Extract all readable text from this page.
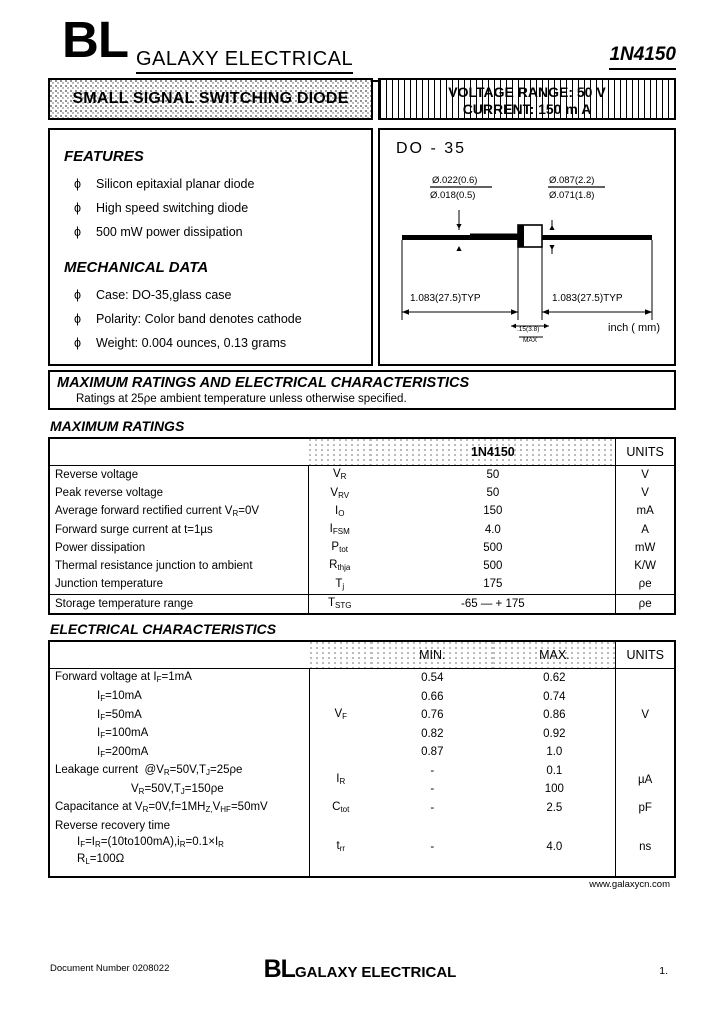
BL GALAXY ELECTRICAL	1N4150
SMALL SIGNAL SWITCHING DIODE	VOLTAGE RANGE: 50 V
CURRENT: 150 m A
FEATURES
ϕ Silicon epitaxial planar diode
ϕ High speed switching diode
ϕ 500 mW power dissipation
MECHANICAL DATA
ϕ Case: DO-35,glass case
ϕ Polarity: Color band denotes cathode
ϕ Weight: 0.004 ounces, 0.13 grams
DO - 35
Ø.022(0.6)
Ø.018(0.5)
Ø.087(2.2)
Ø.071(1.8)
1.083(27.5)TYP	1.083(27.5)TYP
.15(3.8)
MAX
inch ( mm)
MAXIMUM RATINGS AND ELECTRICAL CHARACTERISTICS
Ratings at 25ρe ambient temperature unless otherwise specified.
MAXIMUM RATINGS
		1N4150	UNITS
Reverse voltage	$V_R$	50	V
Peak reverse voltage	$V_{RV}$	50	V
Average forward rectified current $V_R=0V$	$I_O$	150	mA
Forward surge current at t=1µs	$I_{FSM}$	4.0	A
Power dissipation	$P_{tot}$	500	mW
Thermal resistance junction to ambient	$R_{thja}$	500	K/W
Junction temperature	$T_j$	175	ρe
Storage temperature range	$T_{STG}$	-65 — + 175	ρe
ELECTRICAL CHARACTERISTICS
		MIN.	MAX.	UNITS
Forward voltage at $I_F=1mA$	$V_F$	0.54	0.62	V
$I_F=10mA$		0.66	0.74	
$I_F=50mA$		0.76	0.86	
$I_F=100mA$		0.82	0.92	
$I_F=200mA$		0.87	1.0	
Leakage current $@V_R=50V,T_J=25\rho e$	$I_R$	-	0.1	µA
$V_R=50V,T_J=150\rho e$		-	100	
Capacitance at $V_R=0V,f=1MH_{Z,}V_{HF}=50mV$	$C_{tot}$	-	2.5	pF

Reverse recovery time
$I_F=I_R=(10to100mA),i_R=0.1\times I_R$
$R_L=100\Omega$	$t_{rr}$	-	4.0	ns
www.galaxycn.com
Document Number 0208022	BLGALAXY ELECTRICAL	1.
